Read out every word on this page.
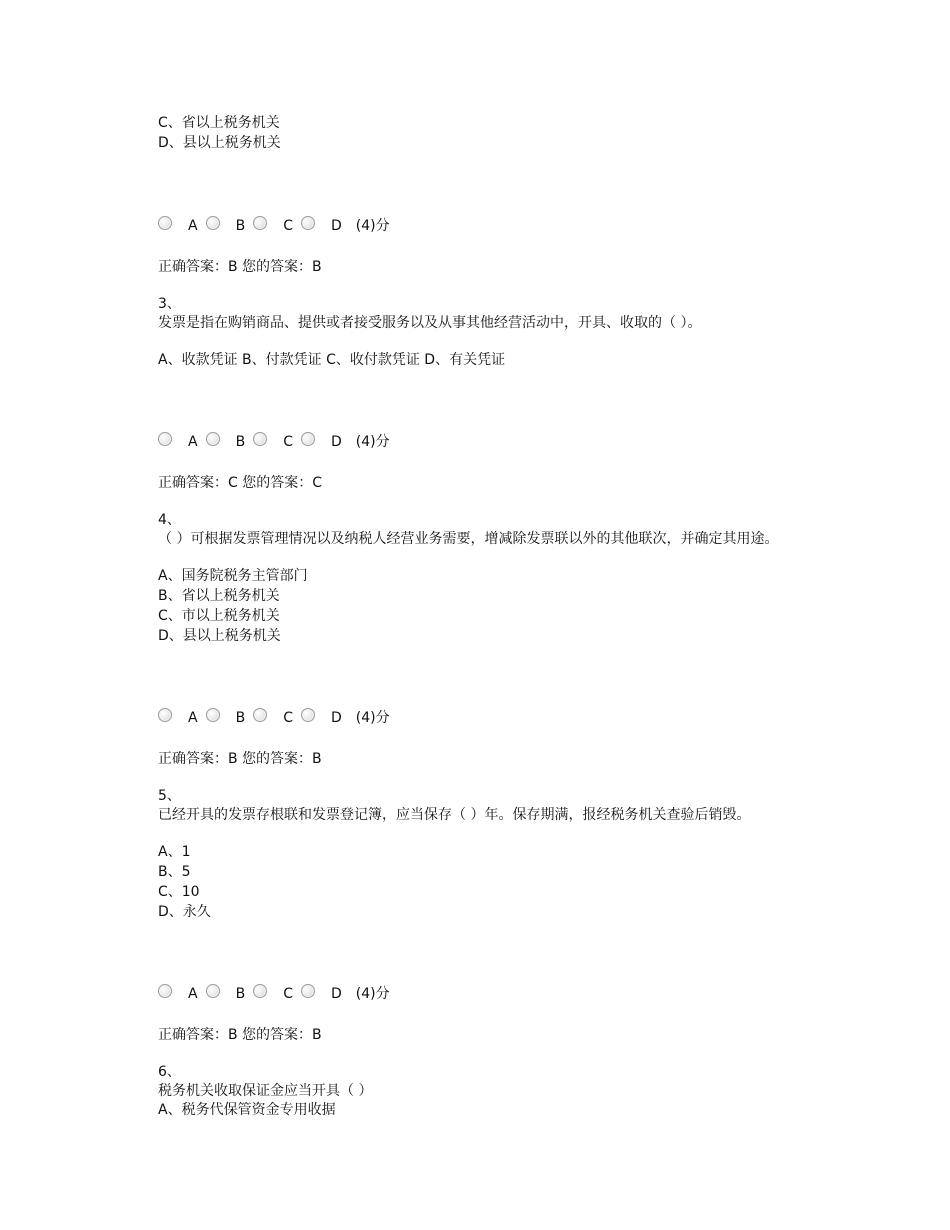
C、省以上税务机关
D、县以上税务机关
A	B	C	D (4)分
正确答案：B 您的答案：B
3、
发票是指在购销商品、提供或者接受服务以及从事其他经营活动中，开具、收取的（ ）。
A、收款凭证 B、付款凭证 C、收付款凭证 D、有关凭证
A	B	C	D (4)分
正确答案：C 您的答案：C
4、
（ ）可根据发票管理情况以及纳税人经营业务需要，增减除发票联以外的其他联次，并确定其用途。
A、国务院税务主管部门
B、省以上税务机关
C、市以上税务机关
D、县以上税务机关
A	B	C	D (4)分
正确答案：B 您的答案：B
5、
已经开具的发票存根联和发票登记簿，应当保存（ ）年。保存期满，报经税务机关查验后销毁。
A、1
B、5
C、10
D、永久
A	B	C	D (4)分
正确答案：B 您的答案：B
6、
税务机关收取保证金应当开具（ ）
A、税务代保管资金专用收据
